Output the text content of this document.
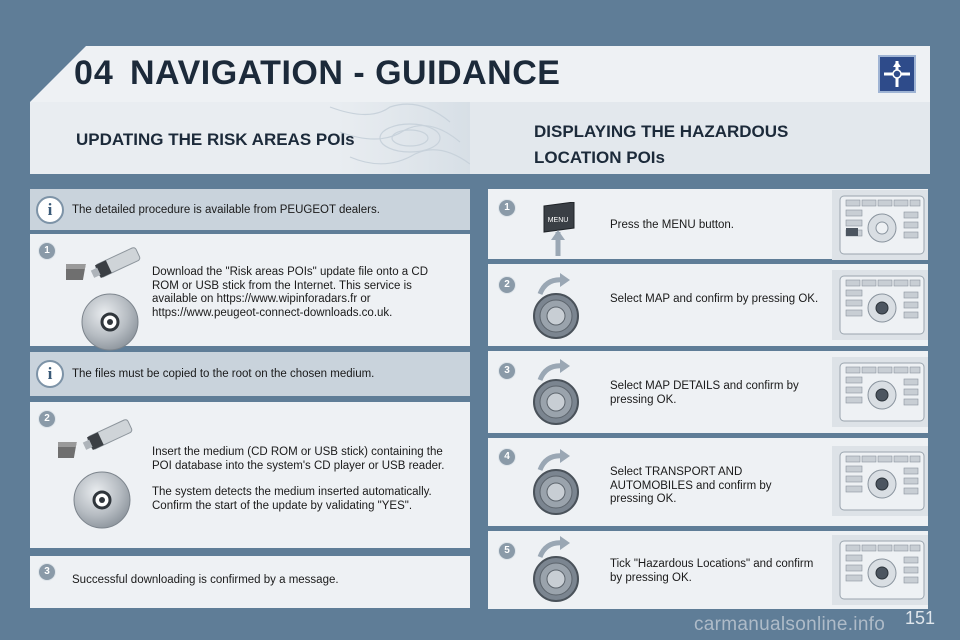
04 NAVIGATION - GUIDANCE
UPDATING THE RISK AREAS POIs	DISPLAYING THE HAZARDOUS LOCATION POIs
i	The detailed procedure is available from PEUGEOT dealers.
1
Download the "Risk areas POIs" update file onto a CD ROM or USB stick from the Internet. This service is available on https://www.wipinforadars.fr or https://www.peugeot-connect-downloads.co.uk.
i	The files must be copied to the root on the chosen medium.
2
Insert the medium (CD ROM or USB stick) containing the POI database into the system's CD player or USB reader.
The system detects the medium inserted automatically. Confirm the start of the update by validating "YES".
3
Successful downloading is confirmed by a message.
1
MENU	Press the MENU button.
2
Select MAP and confirm by pressing OK.
3
Select MAP DETAILS and confirm by pressing OK.
4
Select TRANSPORT AND AUTOMOBILES and confirm by pressing OK.
5
Tick "Hazardous Locations" and confirm by pressing OK.
carmanualsonline.info 151
